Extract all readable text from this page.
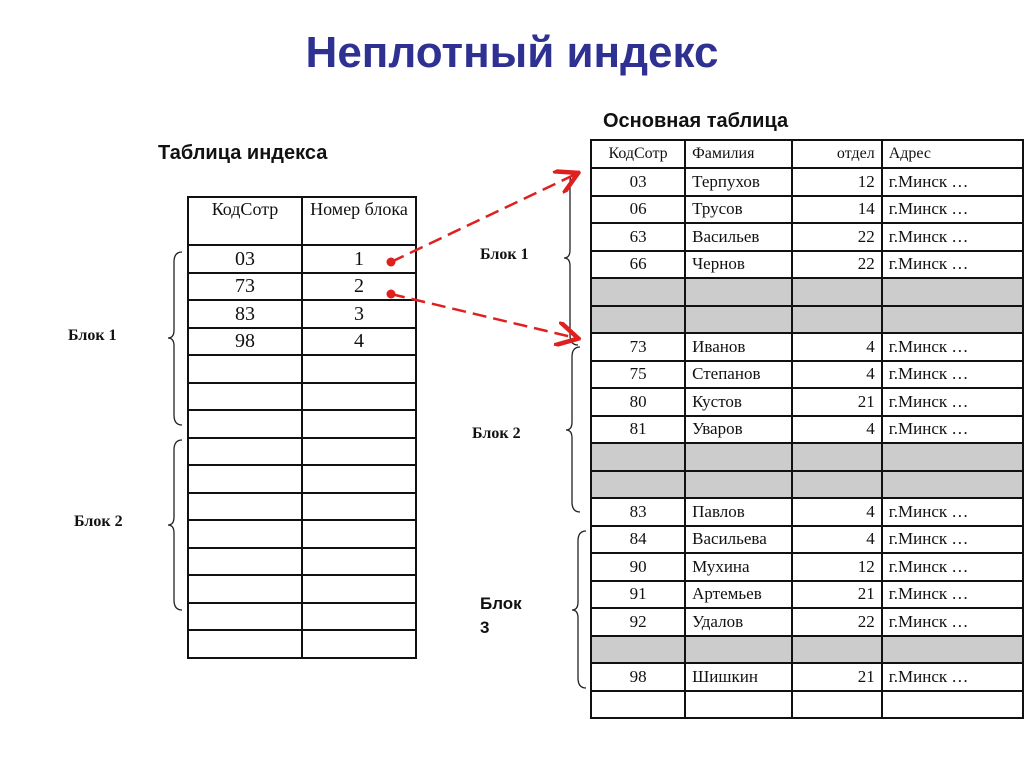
Неплотный индекс
Таблица индекса
Основная таблица
КодСотр	Номер блока
03	1
73	2
83	3
98	4

КодСотр	Фамилия	отдел	Адрес
03	Терпухов	12	г.Минск …
06	Трусов	14	г.Минск …
63	Васильев	22	г.Минск …
66	Чернов	22	г.Минск …

73	Иванов	4	г.Минск …
75	Степанов	4	г.Минск …
80	Кустов	21	г.Минск …
81	Уваров	4	г.Минск …

83	Павлов	4	г.Минск …
84	Васильева	4	г.Минск …
90	Мухина	12	г.Минск …
91	Артемьев	21	г.Минск …
92	Удалов	22	г.Минск …

98	Шишкин	21	г.Минск …

Блок 1
Блок 2
Блок 1
Блок 2
Блок 3
